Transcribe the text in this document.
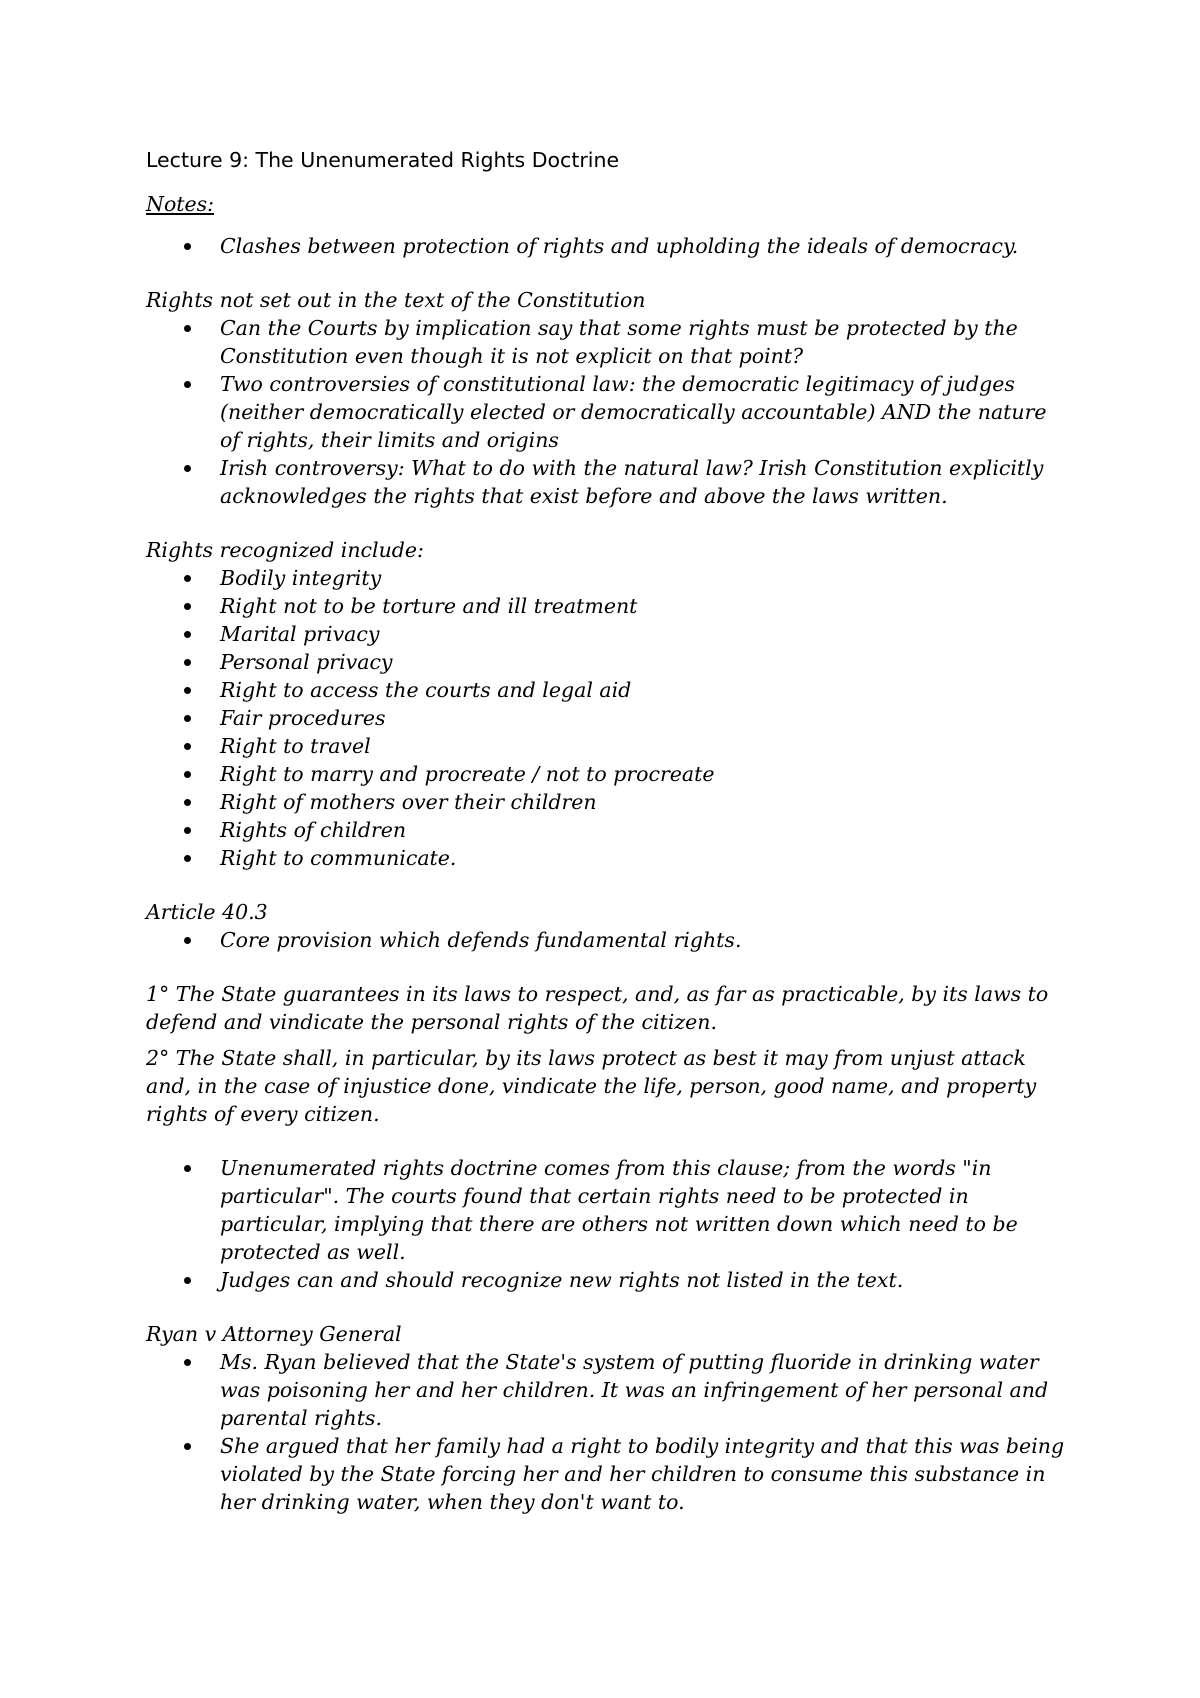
Lecture 9: The Unenumerated Rights Doctrine

Notes:

Clashes between protection of rights and upholding the ideals of democracy.

Rights not set out in the text of the Constitution

Can the Courts by implication say that some rights must be protected by the Constitution even though it is not explicit on that point?
Two controversies of constitutional law: the democratic legitimacy of judges (neither democratically elected or democratically accountable) AND the nature of rights, their limits and origins
Irish controversy: What to do with the natural law? Irish Constitution explicitly acknowledges the rights that exist before and above the laws written.

Rights recognized include:

Bodily integrity
Right not to be torture and ill treatment
Marital privacy
Personal privacy
Right to access the courts and legal aid
Fair procedures
Right to travel
Right to marry and procreate / not to procreate
Right of mothers over their children
Rights of children
Right to communicate.

Article 40.3

Core provision which defends fundamental rights.

1° The State guarantees in its laws to respect, and, as far as practicable, by its laws to defend and vindicate the personal rights of the citizen.

2° The State shall, in particular, by its laws protect as best it may from unjust attack and, in the case of injustice done, vindicate the life, person, good name, and property rights of every citizen.

Unenumerated rights doctrine comes from this clause; from the words "in particular". The courts found that certain rights need to be protected in particular, implying that there are others not written down which need to be protected as well.
Judges can and should recognize new rights not listed in the text.

Ryan v Attorney General

Ms. Ryan believed that the State's system of putting fluoride in drinking water was poisoning her and her children. It was an infringement of her personal and parental rights.
She argued that her family had a right to bodily integrity and that this was being violated by the State forcing her and her children to consume this substance in her drinking water, when they don't want to.
